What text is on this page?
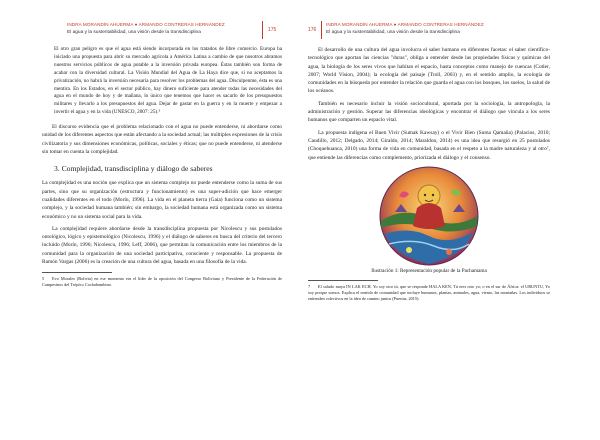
INDRA MORANDÍN AHUERMA ● ARMANDO CONTRERAS HERNÁNDEZ
El agua y la sustentabilidad, una visión desde la transdisciplina	175
El otro gran peligro es que el agua está siendo incorporada en los tratados de libre comercio. Europa ha iniciado una propuesta para abrir su mercado agrícola a América Latina a cambio de que nosotros abramos nuestros servicios públicos de agua potable a la inversión privada europea. Éstas también son forma de acabar con la diversidad cultural. La Visión Mundial del Agua de La Haya dice que, si no aceptamos la privatización, no habrá la inversión necesaria para resolver los problemas del agua. Disculpenme, ésta es una mentira. En los Estados, en el sector público, hay dinero suficiente para atender todas las necesidades del agua en el mundo de hoy y de mañana, lo único que tenemos que hacer es sacarlo de los presupuestos militares y llevarlo a los presupuestos del agua. Dejar de gastar en la guerra y en la muerte y empezar a invertir el agua y en la vida (UNESCO, 2007: 25).⁵

El discurso evidencia que el problema relacionado con el agua no puede entenderse, ni abordarse como unidad de los diferentes aspectos que están afectando a la sociedad actual; las múltiples expresiones de la crisis civilizatoria y sus dimensiones económicas, políticas, sociales y éticas; que no puede entenderse, ni atenderse sin tomar en cuenta la complejidad.

3. Complejidad, transdisciplina y diálogo de saberes

La complejidad es una noción que explica que un sistema complejo no puede entenderse como la suma de sus partes, sino que su organización (estructura y funcionamiento) es una super-adición que hace emerger cualidades diferentes en el todo (Morín, 1996). La vida en el planeta tierra (Gaia) funciona como un sistema complejo, y la sociedad humana también; sin embargo, la sociedad humana está organizada como un sistema económico y no un sistema social para la vida.

La complejidad requiere abordarse desde la transdisciplina propuesta por Nicolescu y sus postulados ontológico, lógico y epistemológico (Nicolescu, 1996) y el diálogo de saberes en busca del criterio del tercero incluido (Morín, 1996; Nicolescu, 1996; Leff, 2006), que permitan la comunicación entre los miembros de la comunidad para la organización de una sociedad participativa, consciente y responsable. La propuesta de Ramón Vargas (2006) es la creación de una cultura del agua, basada en una filosofía de la vida.

5 Evo Morales (Bolivia) en ese momento era el líder de la oposición del Congreso Boliviano y Presidente de la Federación de Campesinos del Trópico Cochabambino.

176
INDRA MORANDÍN AHUERMA ● ARMANDO CONTRERAS HERNÁNDEZ
El agua y la sustentabilidad, una visión desde la transdisciplina

El desarrollo de una cultura del agua involucra el saber humano en diferentes facetas: el saber científico-tecnológico que aportan las ciencias "duras", obliga a entender desde las propiedades físicas y químicas del agua, la biología de los seres vivos que habitan el espacio, hasta conceptos como manejo de cuencas (Cotler, 2007; World Vision, 2004); la ecología del paisaje (Troll, 2003) y, en el sentido amplio, la ecología de comunidades en la búsqueda por entender la relación que guarda el agua con los bosques, los suelos, la salud de los océanos.

También es necesario incluir la visión sociocultural, aportada por la sociología, la antropología, la administración y gestión. Superar las diferencias ideológicas y encontrar el diálogo que vincula a los seres humanos que comparten un espacio vital.

La propuesta indígena el Buen Vivir (Sumak Kawsay) o el Vivir Bien (Suma Qamaña) (Palacios, 2010; Caudillo, 2012; Delgado, 2014; Giraldo, 2014; Maraldon, 2014) es una idea que resurgió en 25 postulados (Choquehuanca, 2010) una forma de vida en comunidad, basada en el respeto a la madre naturaleza y al otro⁷, que entiende las diferencias como complemento, priorizada el diálogo y el consenso.

Ilustración 1: Representación popular de la Pachamama

7 El saludo maya IN LAK ECH, Yo soy otro tú, que se responde HALA KEN, Tú eres otro yo; o en el sur de África: el UBUNTU, Yo soy porque somos. Explica el sentido de comunidad que incluye humanos, plantas, animales, agua, viento, las montañas. Los individuos se entienden colectivos en la idea de camino juntos (Puertas, 2015).
